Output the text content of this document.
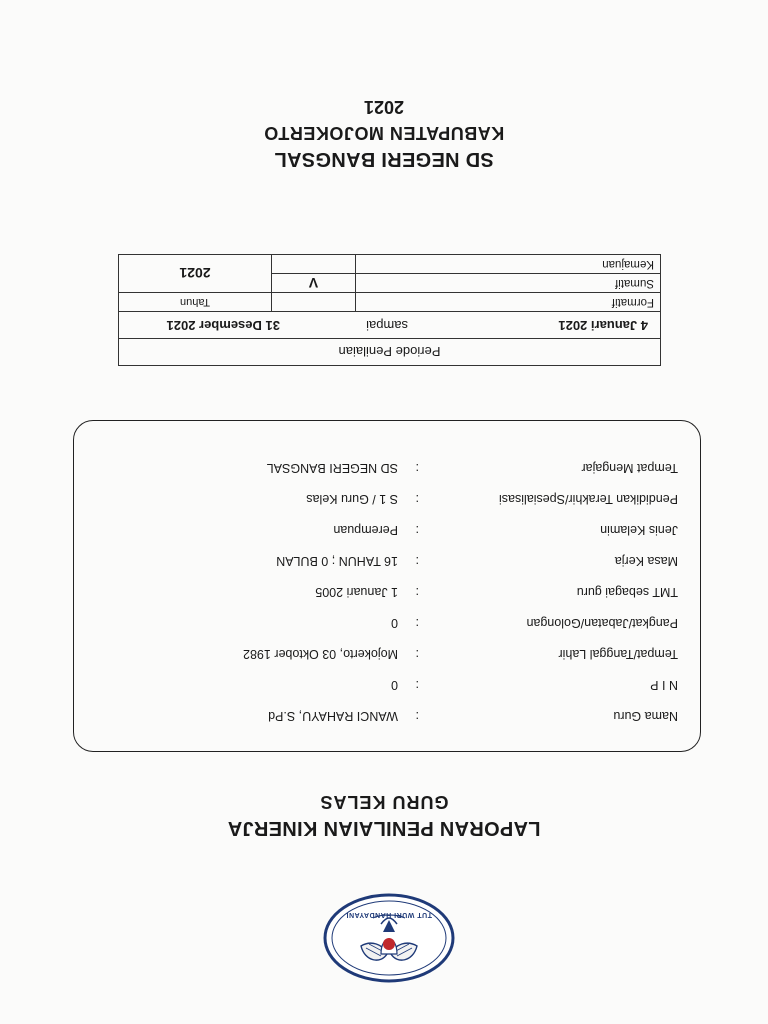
TUT WURI HANDAYANI
LAPORAN PENILAIAN KINERJA
GURU KELAS
Nama Guru
:
WANCI RAHAYU, S.Pd
N I P
:
0
Tempat/Tanggal Lahir
:
Mojokerto, 03 Oktober 1982
Pangkat/Jabatan/Golongan
:
0
TMT sebagai guru
:
1 Januari 2005
Masa Kerja
:
16 TAHUN ; 0 BULAN
Jenis Kelamin
:
Perempuan
Pendidikan Terakhir/Spesialisasi
:
S 1 / Guru Kelas
Tempat Mengajar
:
SD NEGERI BANGSAL
Periode Penilaian		

4 Januari 2021
sampai
31 Desember 2021		

Formatif		Tahun
Sumatif	V	2021
Kemajuan		
SD NEGERI BANGSAL
KABUPATEN MOJOKERTO
2021
